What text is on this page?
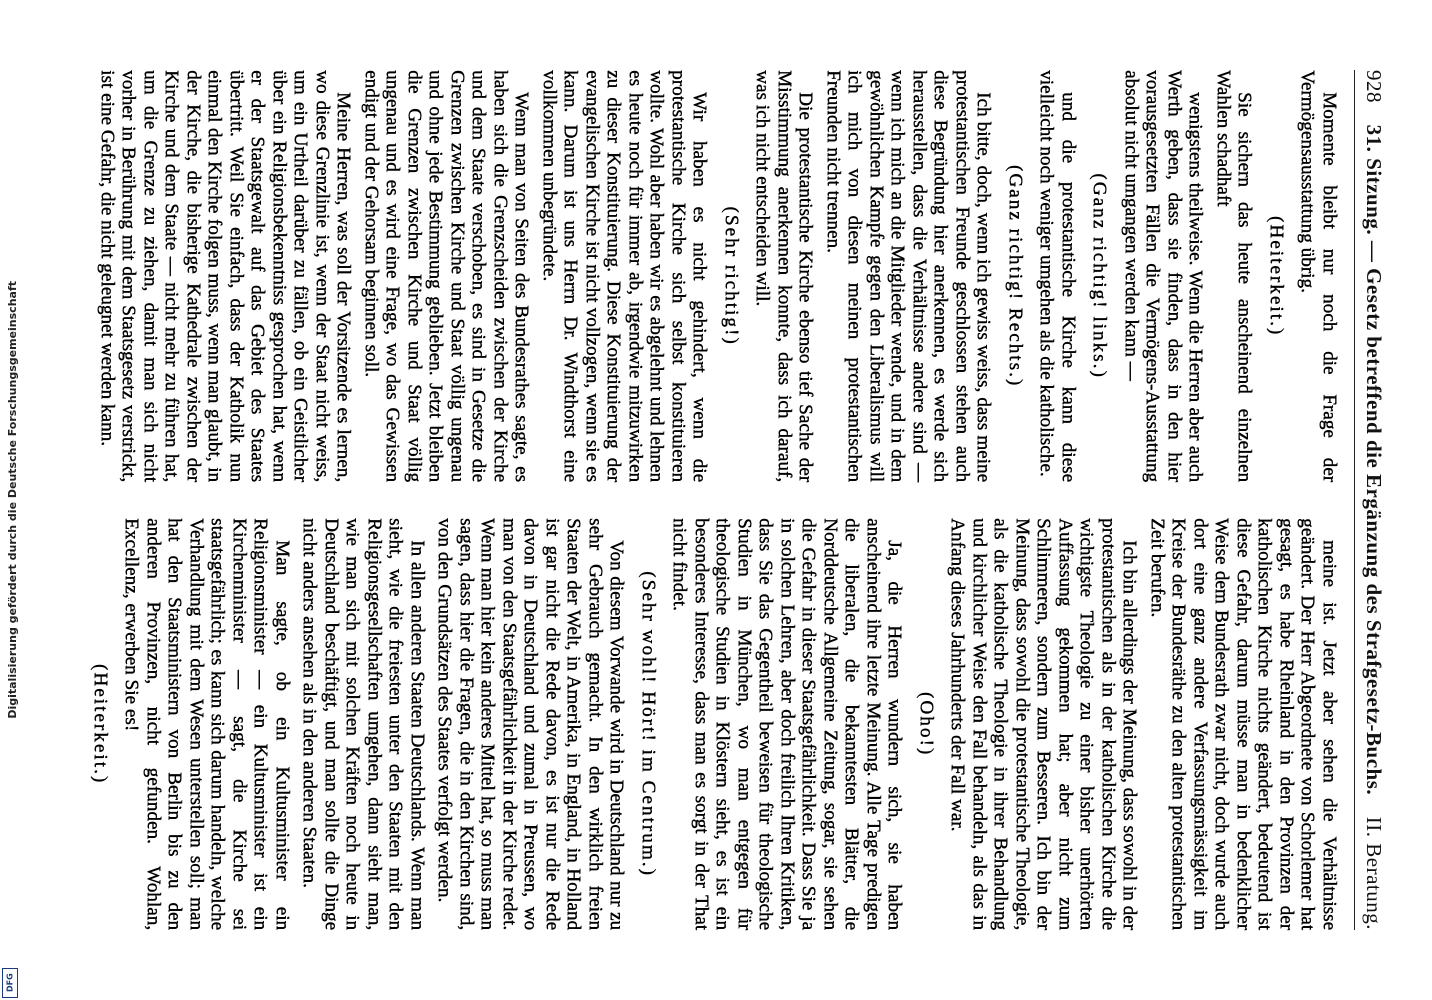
928
31. Sitzung. — Gesetz betreffend die Ergänzung des Strafgesetz-Buchs.
II. Beratung.

Momente bleibt nur noch die Frage der Vermögensausstattung übrig.

(Heiterkeit.)

Sie sichern das heute anscheinend einzelnen Wahlen schadhaft

wenigstens theilweise. Wenn die Herren aber auch Werth geben, dass sie finden, dass in den hier vorausgesetzten Fällen die Vermögens-Ausstattung absolut nicht umgangen werden kann —

(Ganz richtig! links.)

und die protestantische Kirche kann diese vielleicht noch weniger umgehen als die katholische.

(Ganz richtig! Rechts.)

Ich bitte, doch, wenn ich gewiss weiss, dass meine protestantischen Freunde geschlossen stehen auch diese Begründung hier anerkennen, es werde sich herausstellen, dass die Verhältnisse andere sind — wenn ich mich an die Mitglieder wende, und in dem gewöhnlichen Kampfe gegen den Liberalismus will ich mich von diesen meinen protestantischen Freunden nicht trennen.

Die protestantische Kirche ebenso tief Sache der Misstimmung anerkennen konnte, dass ich darauf, was ich nicht entscheiden will.

(Sehr richtig!)

Wir haben es nicht gehindert, wenn die protestantische Kirche sich selbst konstituieren wollte. Wohl aber haben wir es abgelehnt und lehnen es heute noch für immer ab, irgendwie mitzuwirken zu dieser Konstituierung. Diese Konstituierung der evangelischen Kirche ist nicht vollzogen, wenn sie es kann. Darum ist uns Herrn Dr. Windthorst eine vollkommen unbegründete.

Wenn man von Seiten des Bundesrathes sagte, es haben sich die Grenzscheiden zwischen der Kirche und dem Staate verschoben, es sind in Gesetze die Grenzen zwischen Kirche und Staat völlig ungenau und ohne jede Bestimmung geblieben. Jetzt bleiben die Grenzen zwischen Kirche und Staat völlig ungenau und es wird eine Frage, wo das Gewissen endigt und der Gehorsam beginnen soll.

Meine Herren, was soll der Vorsitzende es lernen, wo diese Grenzlinie ist, wenn der Staat nicht weiss, um ein Urtheil darüber zu fällen, ob ein Geistlicher über ein Religionsbekenntniss gesprochen hat, wenn er der Staatsgewalt auf das Gebiet des Staates übertritt. Weil Sie einfach, dass der Katholik nun einmal den Kirche folgen muss, wenn man glaubt, in der Kirche, die bisherige Kathedrale zwischen der Kirche und dem Staate — nicht mehr zu führen hat, um die Grenze zu ziehen, damit man sich nicht vorher in Berührung mit dem Staatsgesetz verstrickt, ist eine Gefahr, die nicht geleugnet werden kann.

meine ist. Jetzt aber sehen die Verhältnisse geändert. Der Herr Abgeordnete von Schorlemer hat gesagt, es habe Rheinland in den Provinzen der katholischen Kirche nichts geändert, bedeutend ist diese Gefahr, darum müsse man in bedenklicher Weise dem Bundesrath zwar nicht, doch wurde auch dort eine ganz andere Verfassungsmässigkeit im Kreise der Bundesräthe zu den alten protestantischen Zeit berufen.

Ich bin allerdings der Meinung, dass sowohl in der protestantischen als in der katholischen Kirche die wichtigste Theologie zu einer bisher unerhörten Auffassung gekommen hat; aber nicht zum Schlimmeren, sondern zum Besseren. Ich bin der Meinung, dass sowohl die protestantische Theologie, als die katholische Theologie in ihrer Behandlung und kirchlicher Weise den Fall behandeln, als das in Anfang dieses Jahrhunderts der Fall war.

(Oho!)

Ja, die Herren wundern sich, sie haben anscheinend ihre letzte Meinung. Alle Tage predigen die liberalen, die bekanntesten Blätter, die Norddeutsche Allgemeine Zeitung, sogar, sie sehen die Gefahr in dieser Staatsgefährlichkeit. Dass Sie ja in solchen Lehren, aber doch freilich Ihren Kritiken, dass Sie das Gegentheil beweisen für theologische Studien in München, wo man entgegen für theologische Studien in Klöstern sieht, es ist ein besonderes Interesse, dass man es sorgt in der That nicht findet.

(Sehr wohl! Hört! im Centrum.)

Von diesem Vorwande wird in Deutschland nur zu sehr Gebrauch gemacht. In den wirklich freien Staaten der Welt, in Amerika, in England, in Holland ist gar nicht die Rede davon, es ist nur die Rede davon in Deutschland und zumal in Preussen, wo man von den Staatsgefährlichkeit in der Kirche redet. Wenn man hier kein anderes Mittel hat, so muss man sagen, dass hier die Fragen, die in den Kirchen sind, von den Grundsätzen des Staates verfolgt werden.

In allen anderen Staaten Deutschlands. Wenn man sieht, wie die freiesten unter den Staaten mit den Religionsgesellschaften umgehen, dann sieht man, wie man sich mit solchen Kräften noch heute in Deutschland beschäftigt, und man sollte die Dinge nicht anders ansehen als in den anderen Staaten.

Man sagte, ob ein Kultusminister ein Religionsminister — ein Kultusminister ist ein Kirchenminister — sagt, die Kirche sei staatsgefährlich; es kann sich darum handeln, welche Verhandlung mit dem Wesen unterstellen soll; man hat den Staatsministern von Berlin bis zu den anderen Provinzen, nicht gefunden. Wohlan, Excellenz, erwerben Sie es!

(Heiterkeit.)

Digitalisierung gefördert durch die Deutsche Forschungsgemeinschaft
DFG
